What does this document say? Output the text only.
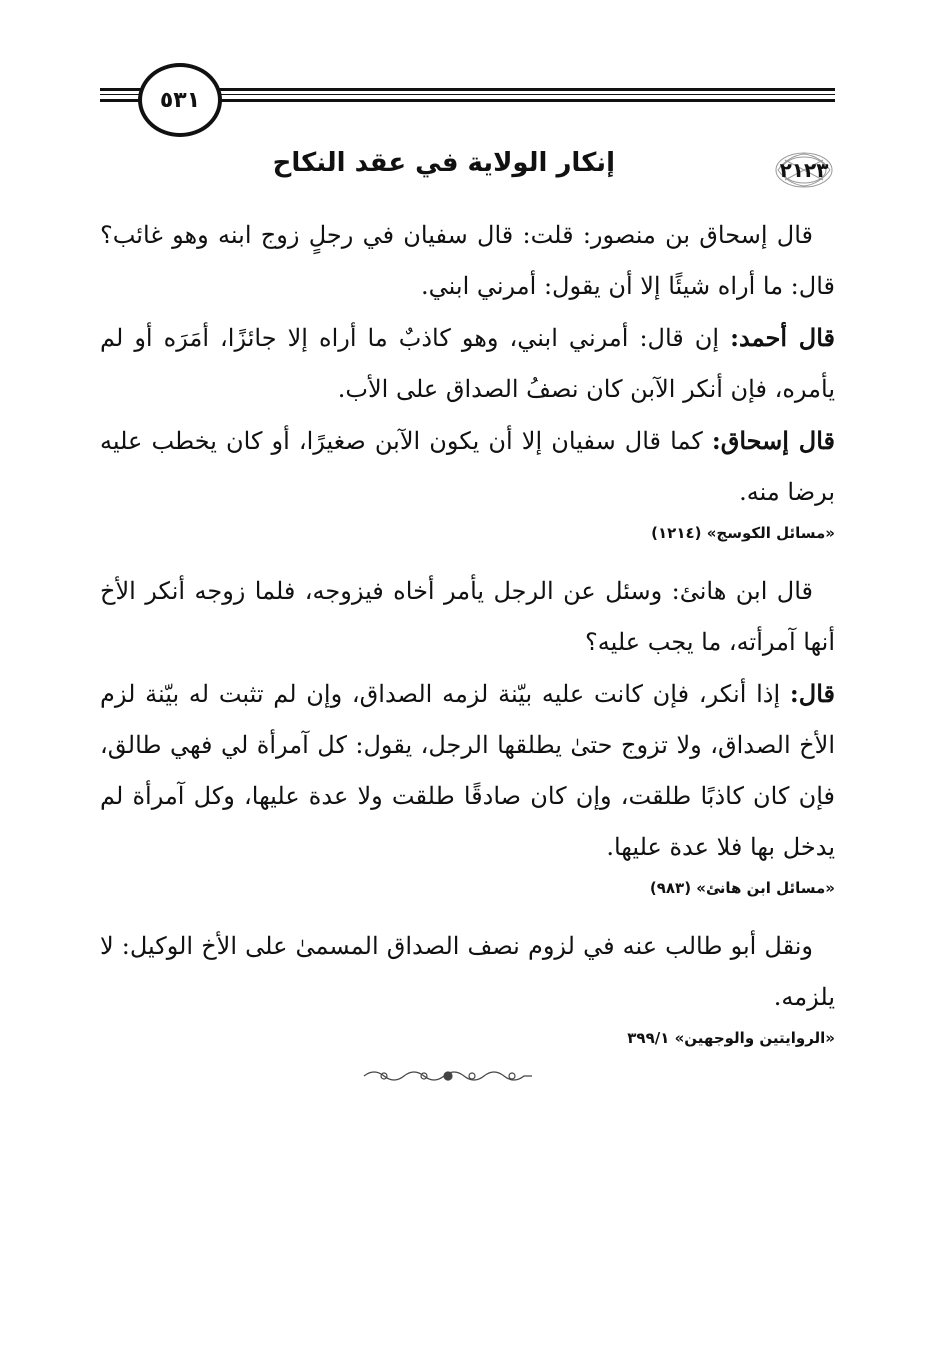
٥٣١
٢١٢٣
إنكار الولاية في عقد النكاح

قال إسحاق بن منصور: قلت: قال سفيان في رجلٍ زوج ابنه وهو غائب؟ قال: ما أراه شيئًا إلا أن يقول: أمرني ابني.

قال أحمد: إن قال: أمرني ابني، وهو كاذبٌ ما أراه إلا جائزًا، أمَرَه أو لم يأمره، فإن أنكر الآبن كان نصفُ الصداق على الأب.

قال إسحاق: كما قال سفيان إلا أن يكون الآبن صغيرًا، أو كان يخطب عليه برضا منه.

«مسائل الكوسج» (١٢١٤)

قال ابن هانئ: وسئل عن الرجل يأمر أخاه فيزوجه، فلما زوجه أنكر الأخ أنها آمرأته، ما يجب عليه؟

قال: إذا أنكر، فإن كانت عليه بيّنة لزمه الصداق، وإن لم تثبت له بيّنة لزم الأخ الصداق، ولا تزوج حتىٰ يطلقها الرجل، يقول: كل آمرأة لي فهي طالق، فإن كان كاذبًا طلقت، وإن كان صادقًا طلقت ولا عدة عليها، وكل آمرأة لم يدخل بها فلا عدة عليها.

«مسائل ابن هانئ» (٩٨٣)

ونقل أبو طالب عنه في لزوم نصف الصداق المسمىٰ على الأخ الوكيل: لا يلزمه.

«الروايتين والوجهين» ٣٩٩/١
